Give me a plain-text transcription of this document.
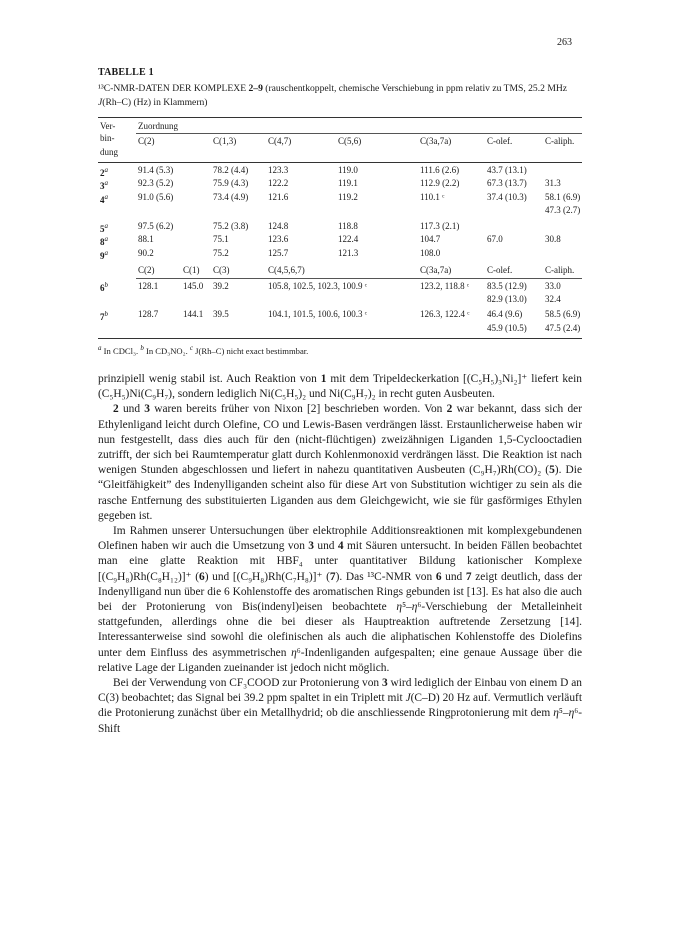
263
TABELLE 1
¹³C-NMR-DATEN DER KOMPLEXE 2–9 (rauschentkoppelt, chemische Verschiebung in ppm relativ zu TMS, 25.2 MHz J(Rh–C) (Hz) in Klammern)
Ver-	Zuordnung							
bin-	C(2)		C(1,3)	C(4,7)	C(5,6)	C(3a,7a)	C-olef.	C-aliph.
dung								
2$^a$	91.4 (5.3)		78.2 (4.4)	123.3	119.0	111.6 (2.6)	43.7 (13.1)	
3$^a$	92.3 (5.2)		75.9 (4.3)	122.2	119.1	112.9 (2.2)	67.3 (13.7)	31.3
4$^a$	91.0 (5.6)		73.4 (4.9)	121.6	119.2	110.1 ᶜ	37.4 (10.3)	58.1 (6.9)
								47.3 (2.7)
5$^a$	97.5 (6.2)		75.2 (3.8)	124.8	118.8	117.3 (2.1)		
8$^a$	88.1		75.1	123.6	122.4	104.7	67.0	30.8
9$^a$	90.2		75.2	125.7	121.3	108.0		
	C(2)	C(1)	C(3)	C(4,5,6,7)		C(3a,7a)	C-olef.	C-aliph.
6$^b$	128.1	145.0	39.2	105.8, 102.5, 102.3, 100.9 ᶜ		123.2, 118.8 ᶜ	83.5 (12.9)	33.0
							82.9 (13.0)	32.4
7$^b$	128.7	144.1	39.5	104.1, 101.5, 100.6, 100.3 ᶜ		126.3, 122.4 ᶜ	46.4 (9.6)	58.5 (6.9)
							45.9 (10.5)	47.5 (2.4)
$^a$ In CDCl₃. $^b$ In CD₃NO₂. $^c$ J(Rh–C) nicht exact bestimmbar.

prinzipiell wenig stabil ist. Auch Reaktion von 1 mit dem Tripeldeckerkation [(C₅H₅)₃Ni₂]⁺ liefert kein (C₅H₅)Ni(C₉H₇), sondern lediglich Ni(C₅H₅)₂ und Ni(C₉H₇)₂ in recht guten Ausbeuten.

2 und 3 waren bereits früher von Nixon [2] beschrieben worden. Von 2 war bekannt, dass sich der Ethylenligand leicht durch Olefine, CO und Lewis-Basen verdrängen lässt. Erstaunlicherweise haben wir nun festgestellt, dass dies auch für den (nicht-flüchtigen) zweizähnigen Liganden 1,5-Cyclooctadien zutrifft, der sich bei Raumtemperatur glatt durch Kohlenmonoxid verdrängen lässt. Die Reaktion ist nach wenigen Stunden abgeschlossen und liefert in nahezu quantitativen Ausbeuten (C₉H₇)Rh(CO)₂ (5). Die “Gleitfähigkeit” des Indenylliganden scheint also für diese Art von Substitution wichtiger zu sein als die rasche Entfernung des substituierten Liganden aus dem Gleichgewicht, wie sie für gasförmiges Ethylen gegeben ist.

Im Rahmen unserer Untersuchungen über elektrophile Additionsreaktionen mit komplexgebundenen Olefinen haben wir auch die Umsetzung von 3 und 4 mit Säuren untersucht. In beiden Fällen beobachtet man eine glatte Reaktion mit HBF₄ unter quantitativer Bildung kationischer Komplexe [(C₉H₈)Rh(C₈H₁₂)]⁺ (6) und [(C₉H₈)Rh(C₇H₈)]⁺ (7). Das ¹³C-NMR von 6 und 7 zeigt deutlich, dass der Indenylligand nun über die 6 Kohlenstoffe des aromatischen Rings gebunden ist [13]. Es hat also die auch bei der Protonierung von Bis(indenyl)eisen beobachtete η⁵–η⁶-Verschiebung der Metalleinheit stattgefunden, allerdings ohne die bei dieser als Hauptreaktion auftretende Zersetzung [14]. Interessanterweise sind sowohl die olefinischen als auch die aliphatischen Kohlenstoffe des Diolefins unter dem Einfluss des asymmetrischen η⁶-Indenliganden aufgespalten; eine genaue Aussage über die relative Lage der Liganden zueinander ist jedoch nicht möglich.

Bei der Verwendung von CF₃COOD zur Protonierung von 3 wird lediglich der Einbau von einem D an C(3) beobachtet; das Signal bei 39.2 ppm spaltet in ein Triplett mit J(C–D) 20 Hz auf. Vermutlich verläuft die Protonierung zunächst über ein Metallhydrid; ob die anschliessende Ringprotonierung mit dem η⁵–η⁶-Shift
